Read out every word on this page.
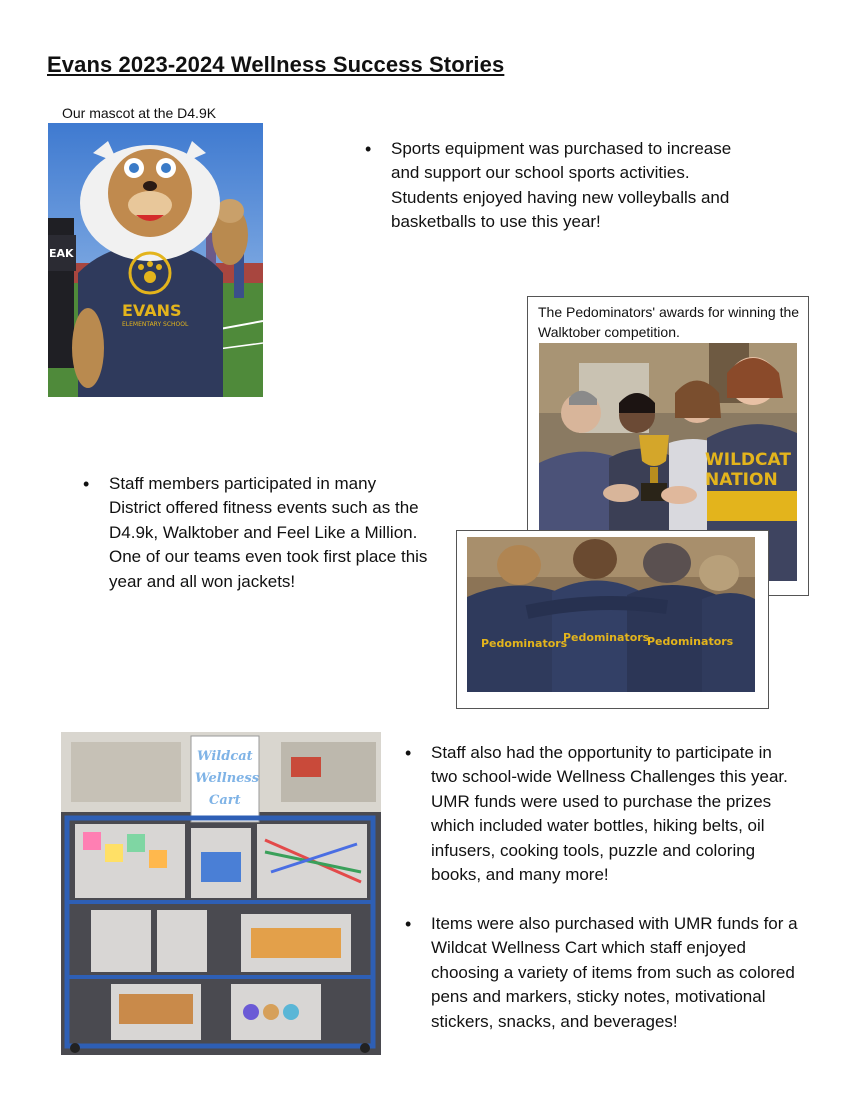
Evans 2023-2024 Wellness Success Stories
Our mascot at the D4.9K
EAK
EVANS
ELEMENTARY SCHOOL
•	Sports equipment was purchased to increase and support our school sports activities. Students enjoyed having new volleyballs and basketballs to use this year!
The Pedominators' awards for winning the Walktober competition.
WILDCAT
NATION
•	Staff members participated in many District offered fitness events such as the D4.9k, Walktober and Feel Like a Million. One of our teams even took first place this year and all won jackets!
Pedominators
Pedominators
Pedominators
Wildcat
Wellness
Cart
•	Staff also had the opportunity to participate in two school-wide Wellness Challenges this year. UMR funds were used to purchase the prizes which included water bottles, hiking belts, oil infusers, cooking tools, puzzle and coloring books, and many more!
•	Items were also purchased with UMR funds for a Wildcat Wellness Cart which staff enjoyed choosing a variety of items from such as colored pens and markers, sticky notes, motivational stickers, snacks, and beverages!
